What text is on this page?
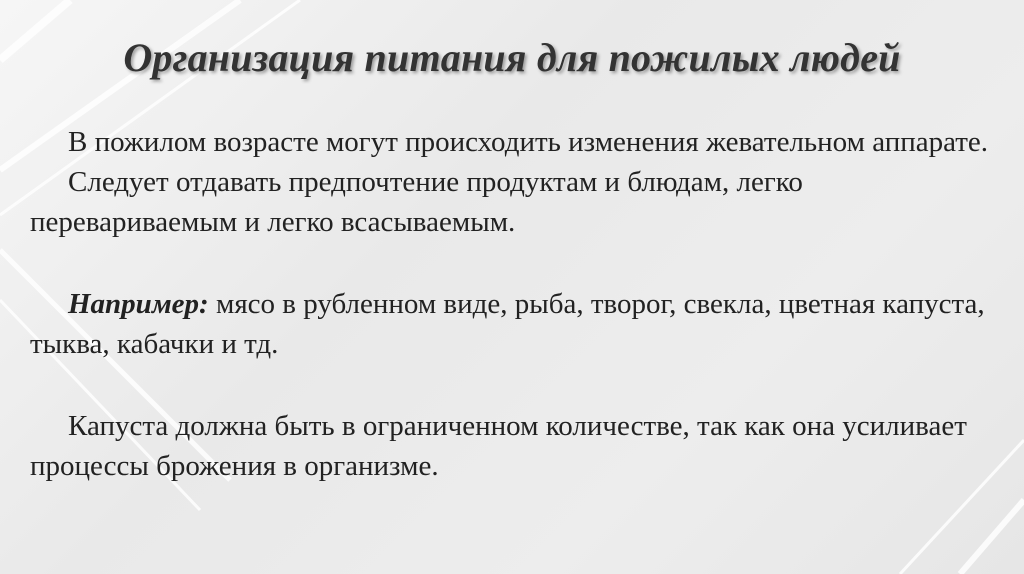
Организация питания для пожилых людей

В пожилом возрасте могут происходить изменения жевательном аппарате.

Следует отдавать предпочтение продуктам и блюдам, легко перевариваемым и легко всасываемым.

Например: мясо в рубленном виде, рыба, творог, свекла, цветная капуста, тыква, кабачки и тд.

Капуста должна быть в ограниченном количестве, так как она усиливает процессы брожения в организме.
